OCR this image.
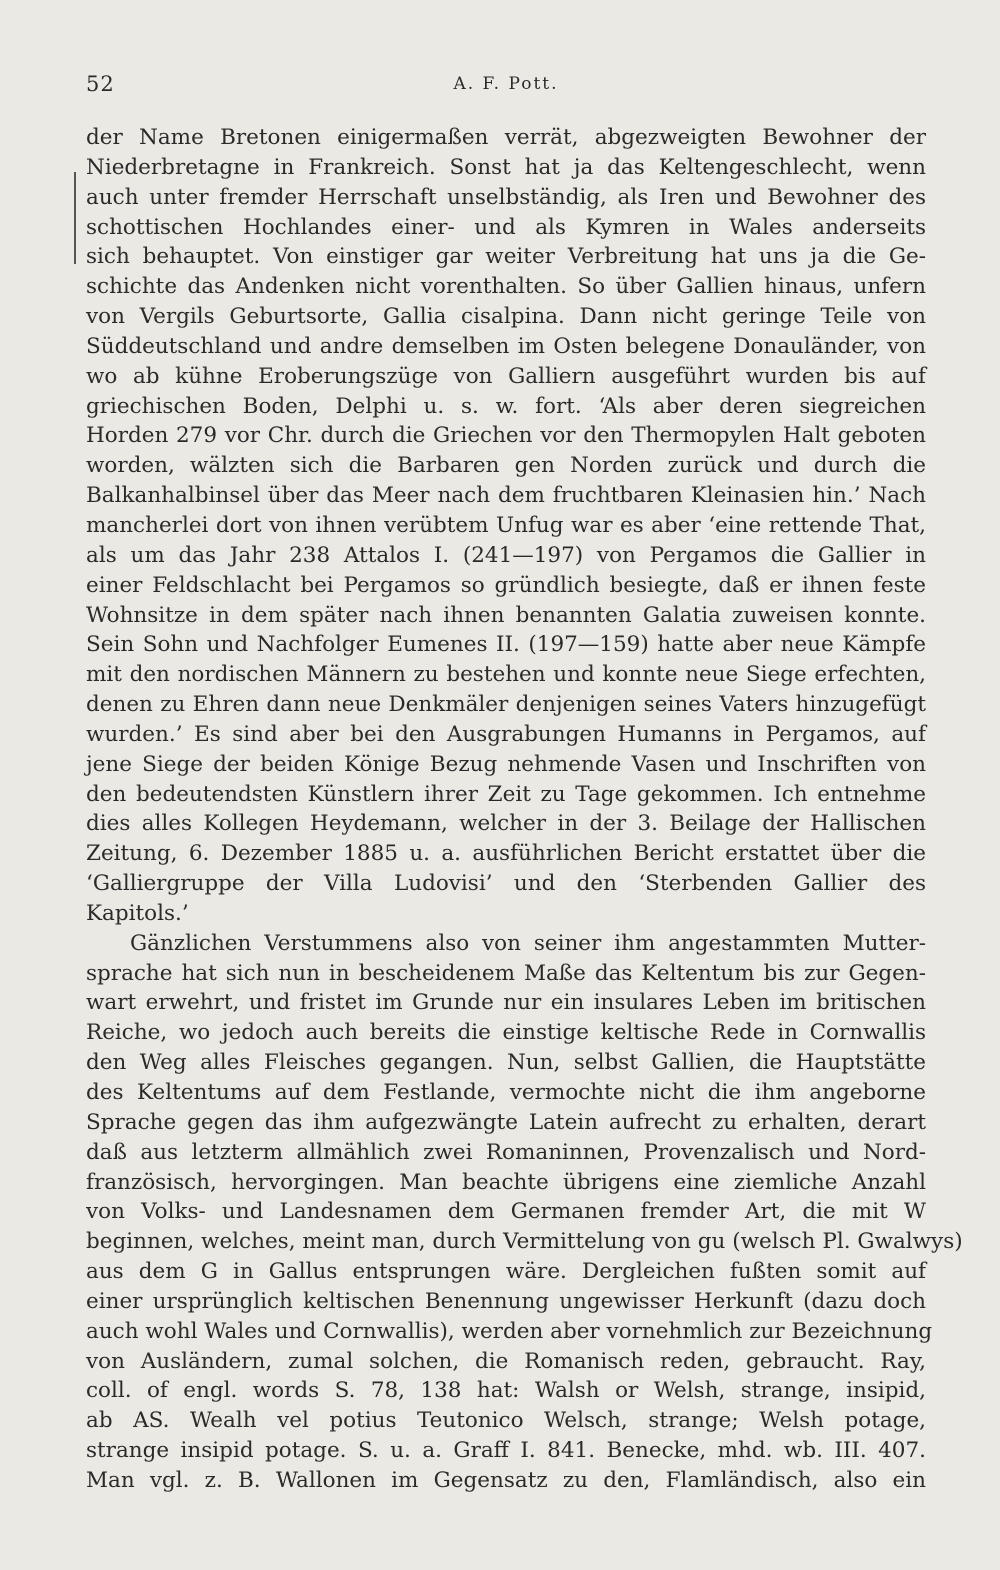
52	A. F. Pott.
der Name Bretonen einigermaßen verrät, abgezweigten Bewohner der
Niederbretagne in Frankreich. Sonst hat ja das Keltengeschlecht, wenn
auch unter fremder Herrschaft unselbständig, als Iren und Bewohner des
schottischen Hochlandes einer- und als Kymren in Wales anderseits
sich behauptet. Von einstiger gar weiter Verbreitung hat uns ja die Ge-
schichte das Andenken nicht vorenthalten. So über Gallien hinaus, unfern
von Vergils Geburtsorte, Gallia cisalpina. Dann nicht geringe Teile von
Süddeutschland und andre demselben im Osten belegene Donauländer, von
wo ab kühne Eroberungszüge von Galliern ausgeführt wurden bis auf
griechischen Boden, Delphi u. s. w. fort. ‘Als aber deren siegreichen
Horden 279 vor Chr. durch die Griechen vor den Thermopylen Halt geboten
worden, wälzten sich die Barbaren gen Norden zurück und durch die
Balkanhalbinsel über das Meer nach dem fruchtbaren Kleinasien hin.’ Nach
mancherlei dort von ihnen verübtem Unfug war es aber ‘eine rettende That,
als um das Jahr 238 Attalos I. (241—197) von Pergamos die Gallier in
einer Feldschlacht bei Pergamos so gründlich besiegte, daß er ihnen feste
Wohnsitze in dem später nach ihnen benannten Galatia zuweisen konnte.
Sein Sohn und Nachfolger Eumenes II. (197—159) hatte aber neue Kämpfe
mit den nordischen Männern zu bestehen und konnte neue Siege erfechten,
denen zu Ehren dann neue Denkmäler denjenigen seines Vaters hinzugefügt
wurden.’ Es sind aber bei den Ausgrabungen Humanns in Pergamos, auf
jene Siege der beiden Könige Bezug nehmende Vasen und Inschriften von
den bedeutendsten Künstlern ihrer Zeit zu Tage gekommen. Ich entnehme
dies alles Kollegen Heydemann, welcher in der 3. Beilage der Hallischen
Zeitung, 6. Dezember 1885 u. a. ausführlichen Bericht erstattet über die
‘Galliergruppe der Villa Ludovisi’ und den ‘Sterbenden Gallier des
Kapitols.’
Gänzlichen Verstummens also von seiner ihm angestammten Mutter-
sprache hat sich nun in bescheidenem Maße das Keltentum bis zur Gegen-
wart erwehrt, und fristet im Grunde nur ein insulares Leben im britischen
Reiche, wo jedoch auch bereits die einstige keltische Rede in Cornwallis
den Weg alles Fleisches gegangen. Nun, selbst Gallien, die Hauptstätte
des Keltentums auf dem Festlande, vermochte nicht die ihm angeborne
Sprache gegen das ihm aufgezwängte Latein aufrecht zu erhalten, derart
daß aus letzterm allmählich zwei Romaninnen, Provenzalisch und Nord-
französisch, hervorgingen. Man beachte übrigens eine ziemliche Anzahl
von Volks- und Landesnamen dem Germanen fremder Art, die mit W
beginnen, welches, meint man, durch Vermittelung von gu (welsch Pl. Gwalwys)
aus dem G in Gallus entsprungen wäre. Dergleichen fußten somit auf
einer ursprünglich keltischen Benennung ungewisser Herkunft (dazu doch
auch wohl Wales und Cornwallis), werden aber vornehmlich zur Bezeichnung
von Ausländern, zumal solchen, die Romanisch reden, gebraucht. Ray,
coll. of engl. words S. 78, 138 hat: Walsh or Welsh, strange, insipid,
ab AS. Wealh vel potius Teutonico Welsch, strange; Welsh potage,
strange insipid potage. S. u. a. Graff I. 841. Benecke, mhd. wb. III. 407.
Man vgl. z. B. Wallonen im Gegensatz zu den, Flamländisch, also ein
